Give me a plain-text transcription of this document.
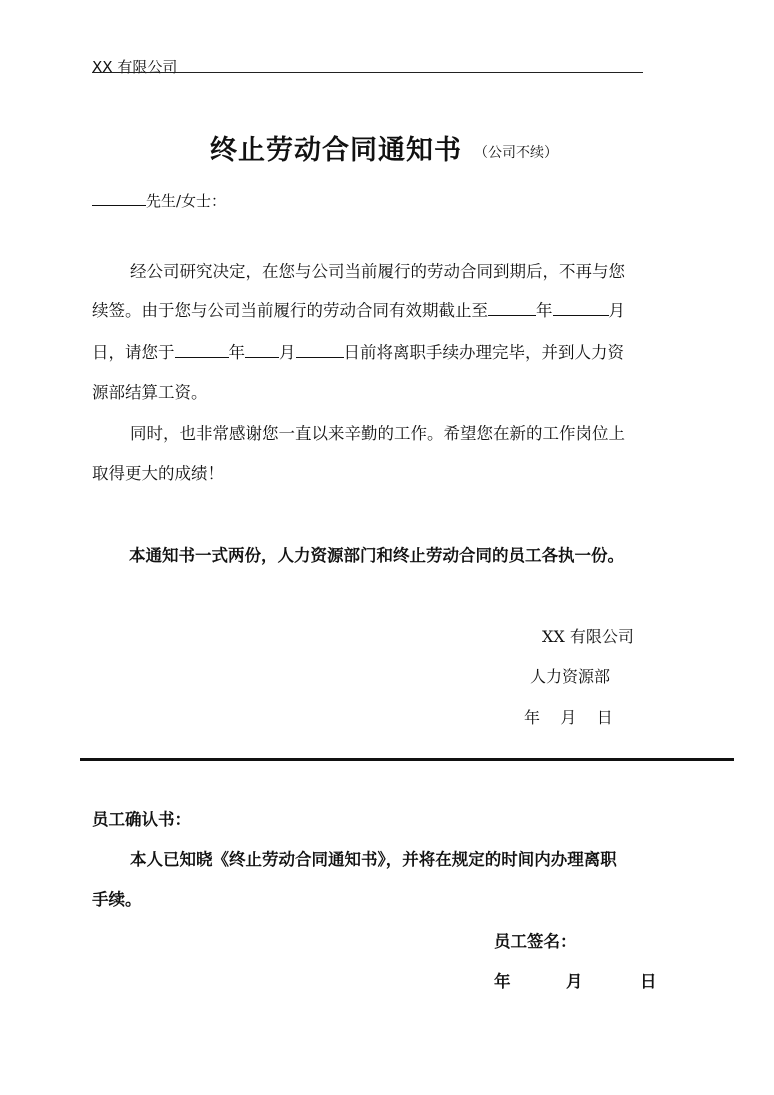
XX 有限公司
终止劳动合同通知书 （公司不续）
先生/女士：
经公司研究决定，在您与公司当前履行的劳动合同到期后，不再与您
续签。由于您与公司当前履行的劳动合同有效期截止至	年	月
日，请您于	年 月	日前将离职手续办理完毕，并到人力资
源部结算工资。
同时，也非常感谢您一直以来辛勤的工作。希望您在新的工作岗位上
取得更大的成绩！
本通知书一式两份，人力资源部门和终止劳动合同的员工各执一份。
XX 有限公司
人力资源部
年    月    日
员工确认书：
本人已知晓《终止劳动合同通知书》，并将在规定的时间内办理离职
手续。
员工签名：
年	月	日
